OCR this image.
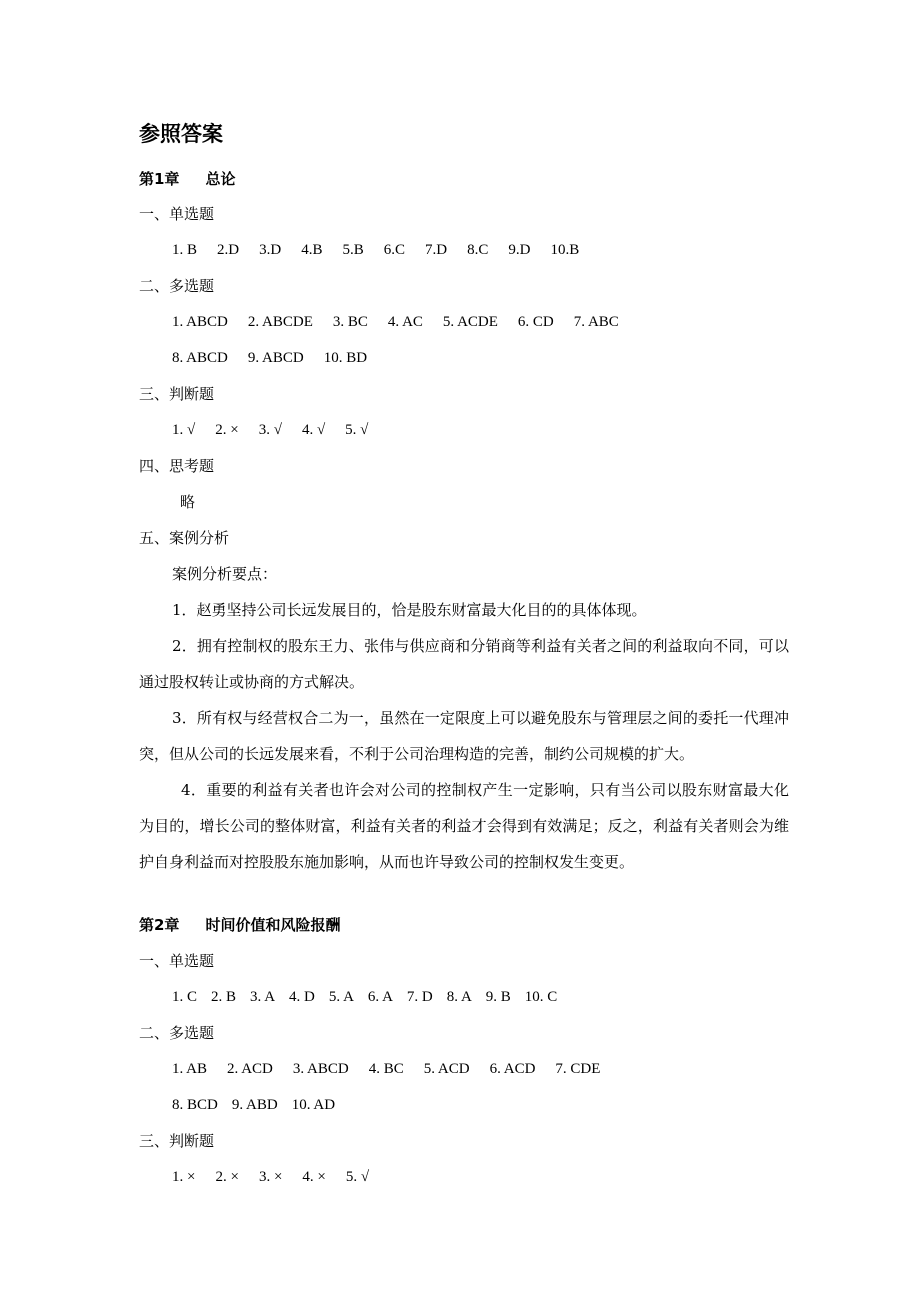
参照答案
第1章 总论
一、单选题
1. B 2.D 3.D 4.B 5.B 6.C 7.D 8.C 9.D 10.B
二、多选题
1. ABCD 2. ABCDE 3. BC 4. AC 5. ACDE 6. CD 7. ABC
8. ABCD 9. ABCD 10. BD
三、判断题
1. √ 2. × 3. √ 4. √ 5. √
四、思考题
略
五、案例分析
案例分析要点：
1．赵勇坚持公司长远发展目的，恰是股东财富最大化目的的具体体现。
2．拥有控制权的股东王力、张伟与供应商和分销商等利益有关者之间的利益取向不同，可以通过股权转让或协商的方式解决。
3．所有权与经营权合二为一，虽然在一定限度上可以避免股东与管理层之间的委托一代理冲突，但从公司的长远发展来看，不利于公司治理构造的完善，制约公司规模的扩大。
4．重要的利益有关者也许会对公司的控制权产生一定影响，只有当公司以股东财富最大化为目的，增长公司的整体财富，利益有关者的利益才会得到有效满足；反之，利益有关者则会为维护自身利益而对控股股东施加影响，从而也许导致公司的控制权发生变更。
第2章 时间价值和风险报酬
一、单选题
1. C 2. B 3. A 4. D 5. A 6. A 7. D 8. A 9. B 10. C
二、多选题
1. AB 2. ACD 3. ABCD 4. BC 5. ACD 6. ACD 7. CDE
8. BCD 9. ABD 10. AD
三、判断题
1. × 2. × 3. × 4. × 5. √
